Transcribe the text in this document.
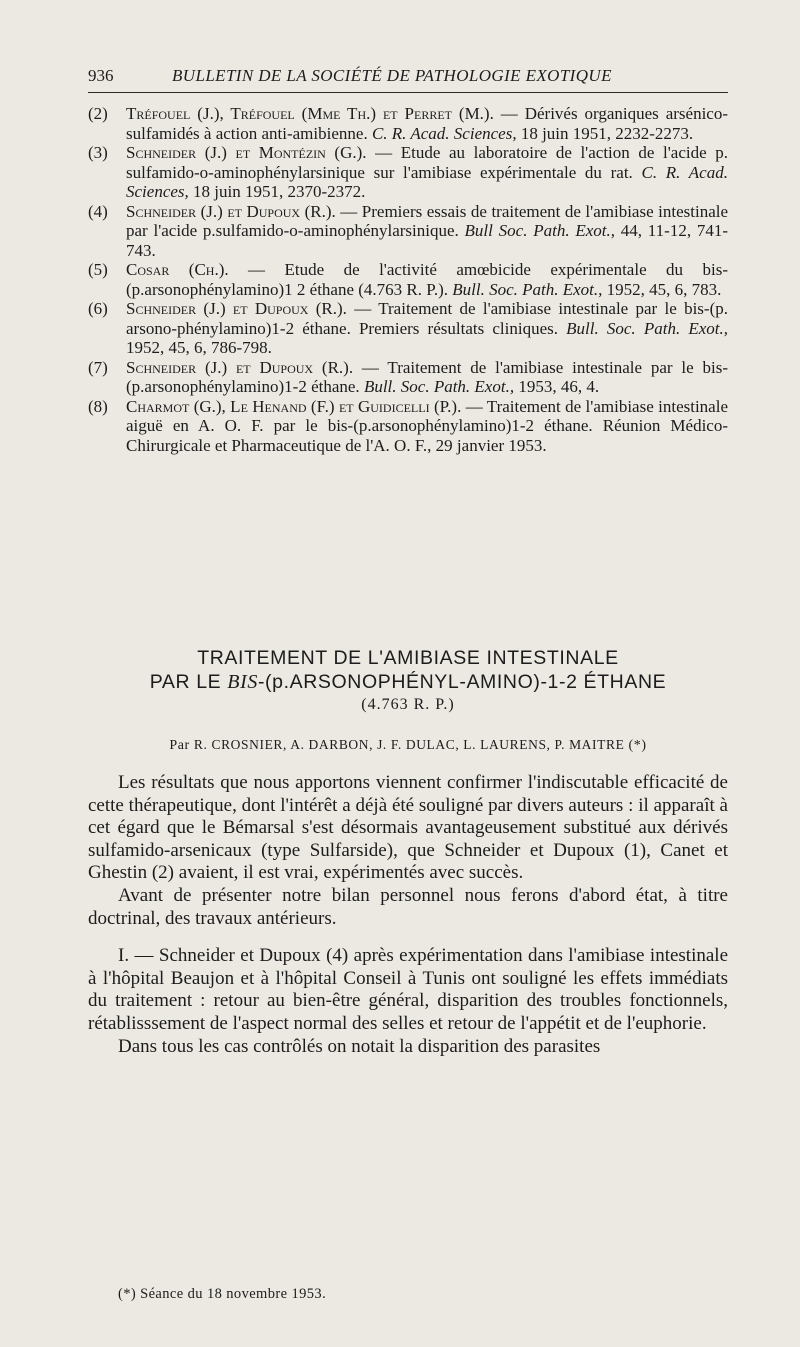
936	BULLETIN DE LA SOCIÉTÉ DE PATHOLOGIE EXOTIQUE
(2) Tréfouel (J.), Tréfouel (Mme Th.) et Perret (M.). — Dérivés organiques arsénico-sulfamidés à action anti-amibienne. C. R. Acad. Sciences, 18 juin 1951, 2232-2273.
(3) Schneider (J.) et Montézin (G.). — Etude au laboratoire de l'action de l'acide p. sulfamido-o-aminophénylarsinique sur l'amibiase expérimentale du rat. C. R. Acad. Sciences, 18 juin 1951, 2370-2372.
(4) Schneider (J.) et Dupoux (R.). — Premiers essais de traitement de l'amibiase intestinale par l'acide p.sulfamido-o-aminophénylarsinique. Bull Soc. Path. Exot., 44, 11-12, 741-743.
(5) Cosar (Ch.). — Etude de l'activité amœbicide expérimentale du bis-(p.arsonophénylamino)1 2 éthane (4.763 R. P.). Bull. Soc. Path. Exot., 1952, 45, 6, 783.
(6) Schneider (J.) et Dupoux (R.). — Traitement de l'amibiase intestinale par le bis-(p. arsono-phénylamino)1-2 éthane. Premiers résultats cliniques. Bull. Soc. Path. Exot., 1952, 45, 6, 786-798.
(7) Schneider (J.) et Dupoux (R.). — Traitement de l'amibiase intestinale par le bis-(p.arsonophénylamino)1-2 éthane. Bull. Soc. Path. Exot., 1953, 46, 4.
(8) Charmot (G.), Le Henand (F.) et Guidicelli (P.). — Traitement de l'amibiase intestinale aiguë en A. O. F. par le bis-(p.arsonophénylamino)1-2 éthane. Réunion Médico-Chirurgicale et Pharmaceutique de l'A. O. F., 29 janvier 1953.
TRAITEMENT DE L'AMIBIASE INTESTINALE
PAR LE BIS-(p.ARSONOPHÉNYL-AMINO)-1-2 ÉTHANE
(4.763 R. P.)
Par R. CROSNIER, A. DARBON, J. F. DULAC, L. LAURENS, P. MAITRE (*)

Les résultats que nous apportons viennent confirmer l'indiscutable efficacité de cette thérapeutique, dont l'intérêt a déjà été souligné par divers auteurs : il apparaît à cet égard que le Bémarsal s'est désormais avantageusement substitué aux dérivés sulfamido-arsenicaux (type Sulfarside), que Schneider et Dupoux (1), Canet et Ghestin (2) avaient, il est vrai, expérimentés avec succès.

Avant de présenter notre bilan personnel nous ferons d'abord état, à titre doctrinal, des travaux antérieurs.

I. — Schneider et Dupoux (4) après expérimentation dans l'amibiase intestinale à l'hôpital Beaujon et à l'hôpital Conseil à Tunis ont souligné les effets immédiats du traitement : retour au bien-être général, disparition des troubles fonctionnels, rétablisssement de l'aspect normal des selles et retour de l'appétit et de l'euphorie.

Dans tous les cas contrôlés on notait la disparition des parasites

(*) Séance du 18 novembre 1953.
